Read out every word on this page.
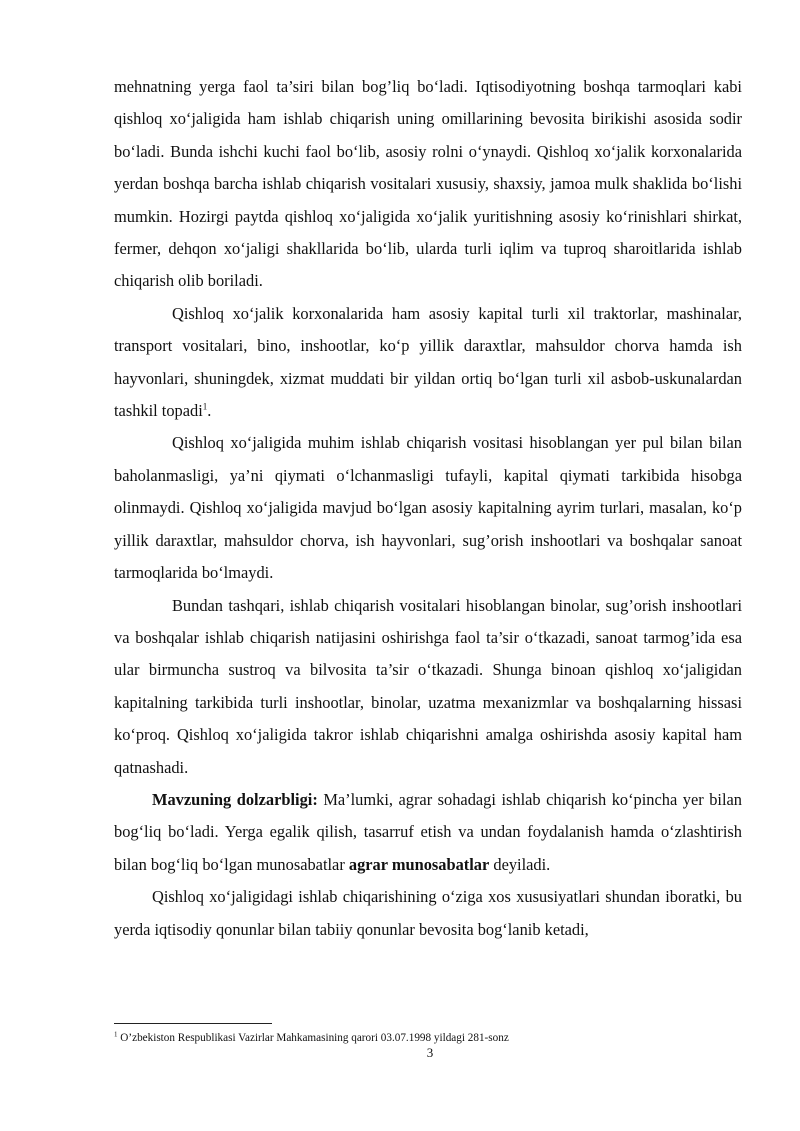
mehnatning yerga faol ta’siri bilan bog’liq bo‘ladi. Iqtisodiyotning boshqa tarmoqlari kabi qishloq xo‘jaligida ham ishlab chiqarish uning omillarining bevosita birikishi asosida sodir bo‘ladi. Bunda ishchi kuchi faol bo‘lib, asosiy rolni o‘ynaydi. Qishloq xo‘jalik korxonalarida yerdan boshqa barcha ishlab chiqarish vositalari xususiy, shaxsiy, jamoa mulk shaklida bo‘lishi mumkin. Hozirgi paytda qishloq xo‘jaligida xo‘jalik yuritishning asosiy ko‘rinishlari shirkat, fermer, dehqon xo‘jaligi shakllarida bo‘lib, ularda turli iqlim va tuproq sharoitlarida ishlab chiqarish olib boriladi.

Qishloq xo‘jalik korxonalarida ham asosiy kapital turli xil traktorlar, mashinalar, transport vositalari, bino, inshootlar, ko‘p yillik daraxtlar, mahsuldor chorva hamda ish hayvonlari, shuningdek, xizmat muddati bir yildan ortiq bo‘lgan turli xil asbob-uskunalardan tashkil topadi$^1$.

Qishloq xo‘jaligida muhim ishlab chiqarish vositasi hisoblangan yer pul bilan bilan baholanmasligi, ya’ni qiymati o‘lchanmasligi tufayli, kapital qiymati tarkibida hisobga olinmaydi. Qishloq xo‘jaligida mavjud bo‘lgan asosiy kapitalning ayrim turlari, masalan, ko‘p yillik daraxtlar, mahsuldor chorva, ish hayvonlari, sug’orish inshootlari va boshqalar sanoat tarmoqlarida bo‘lmaydi.

Bundan tashqari, ishlab chiqarish vositalari hisoblangan binolar, sug’orish inshootlari va boshqalar ishlab chiqarish natijasini oshirishga faol ta’sir o‘tkazadi, sanoat tarmog’ida esa ular birmuncha sustroq va bilvosita ta’sir o‘tkazadi. Shunga binoan qishloq xo‘jaligidan kapitalning tarkibida turli inshootlar, binolar, uzatma mexanizmlar va boshqalarning hissasi ko‘proq. Qishloq xo‘jaligida takror ishlab chiqarishni amalga oshirishda asosiy kapital ham qatnashadi.

Mavzuning dolzarbligi: Ma’lumki, agrar sohadagi ishlab chiqarish ko‘pincha yer bilan bog‘liq bo‘ladi. Yerga egalik qilish, tasarruf etish va undan foydalanish hamda o‘zlashtirish bilan bog‘liq bo‘lgan munosabatlar agrar munosabatlar deyiladi.

Qishloq xo‘jaligidagi ishlab chiqarishining o‘ziga xos xususiyatlari shundan iboratki, bu yerda iqtisodiy qonunlar bilan tabiiy qonunlar bevosita bog‘lanib ketadi,

$^1$ O’zbekiston Respublikasi Vazirlar Mahkamasining qarori 03.07.1998 yildagi 281-sonz
3
